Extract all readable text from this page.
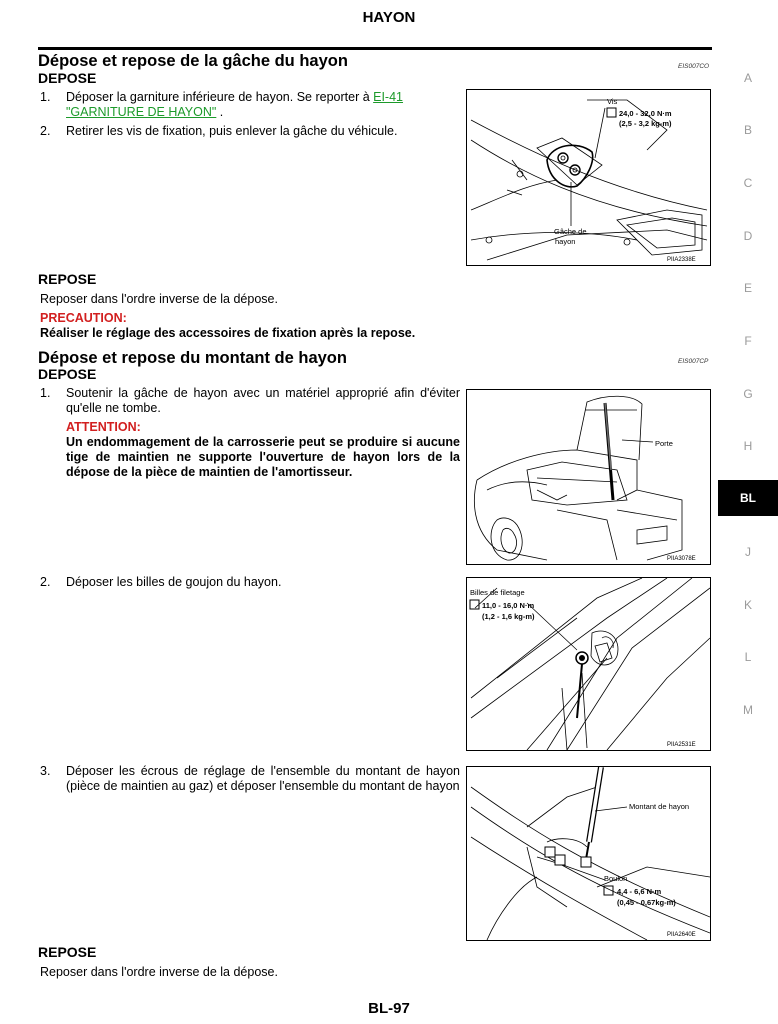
HAYON
Dépose et repose de la gâche du hayon	EIS007CO
DEPOSE
1. Déposer la garniture inférieure de hayon. Se reporter à EI-41
"GARNITURE DE HAYON" .
2. Retirer les vis de fixation, puis enlever la gâche du véhicule.
Vis
24,0 - 32,0 N·m
(2,5 - 3,2 kg-m)
Gâche de
hayon
PIIA2338E
REPOSE
Reposer dans l'ordre inverse de la dépose.
PRECAUTION:
Réaliser le réglage des accessoires de fixation après la repose.
Dépose et repose du montant de hayon	EIS007CP
DEPOSE
1. Soutenir la gâche de hayon avec un matériel approprié afin d'éviter qu'elle ne tombe.
ATTENTION:
Un endommagement de la carrosserie peut se produire si aucune tige de maintien ne supporte l'ouverture de hayon lors de la dépose de la pièce de maintien de l'amortisseur.
Porte
PIIA3078E
2. Déposer les billes de goujon du hayon.
Billes de filetage
11,0 - 16,0 N·m
(1,2 - 1,6 kg-m)
PIIA2531E
3. Déposer les écrous de réglage de l'ensemble du montant de hayon (pièce de maintien au gaz) et déposer l'ensemble du montant de hayon
Montant de hayon
Boulon
4,4 - 6,6 N·m
(0,45 - 0,67kg-m)
PIIA2640E
REPOSE
Reposer dans l'ordre inverse de la dépose.
A
B
C
D
E
F
G
H
BL
J
K
L
M
BL-97
